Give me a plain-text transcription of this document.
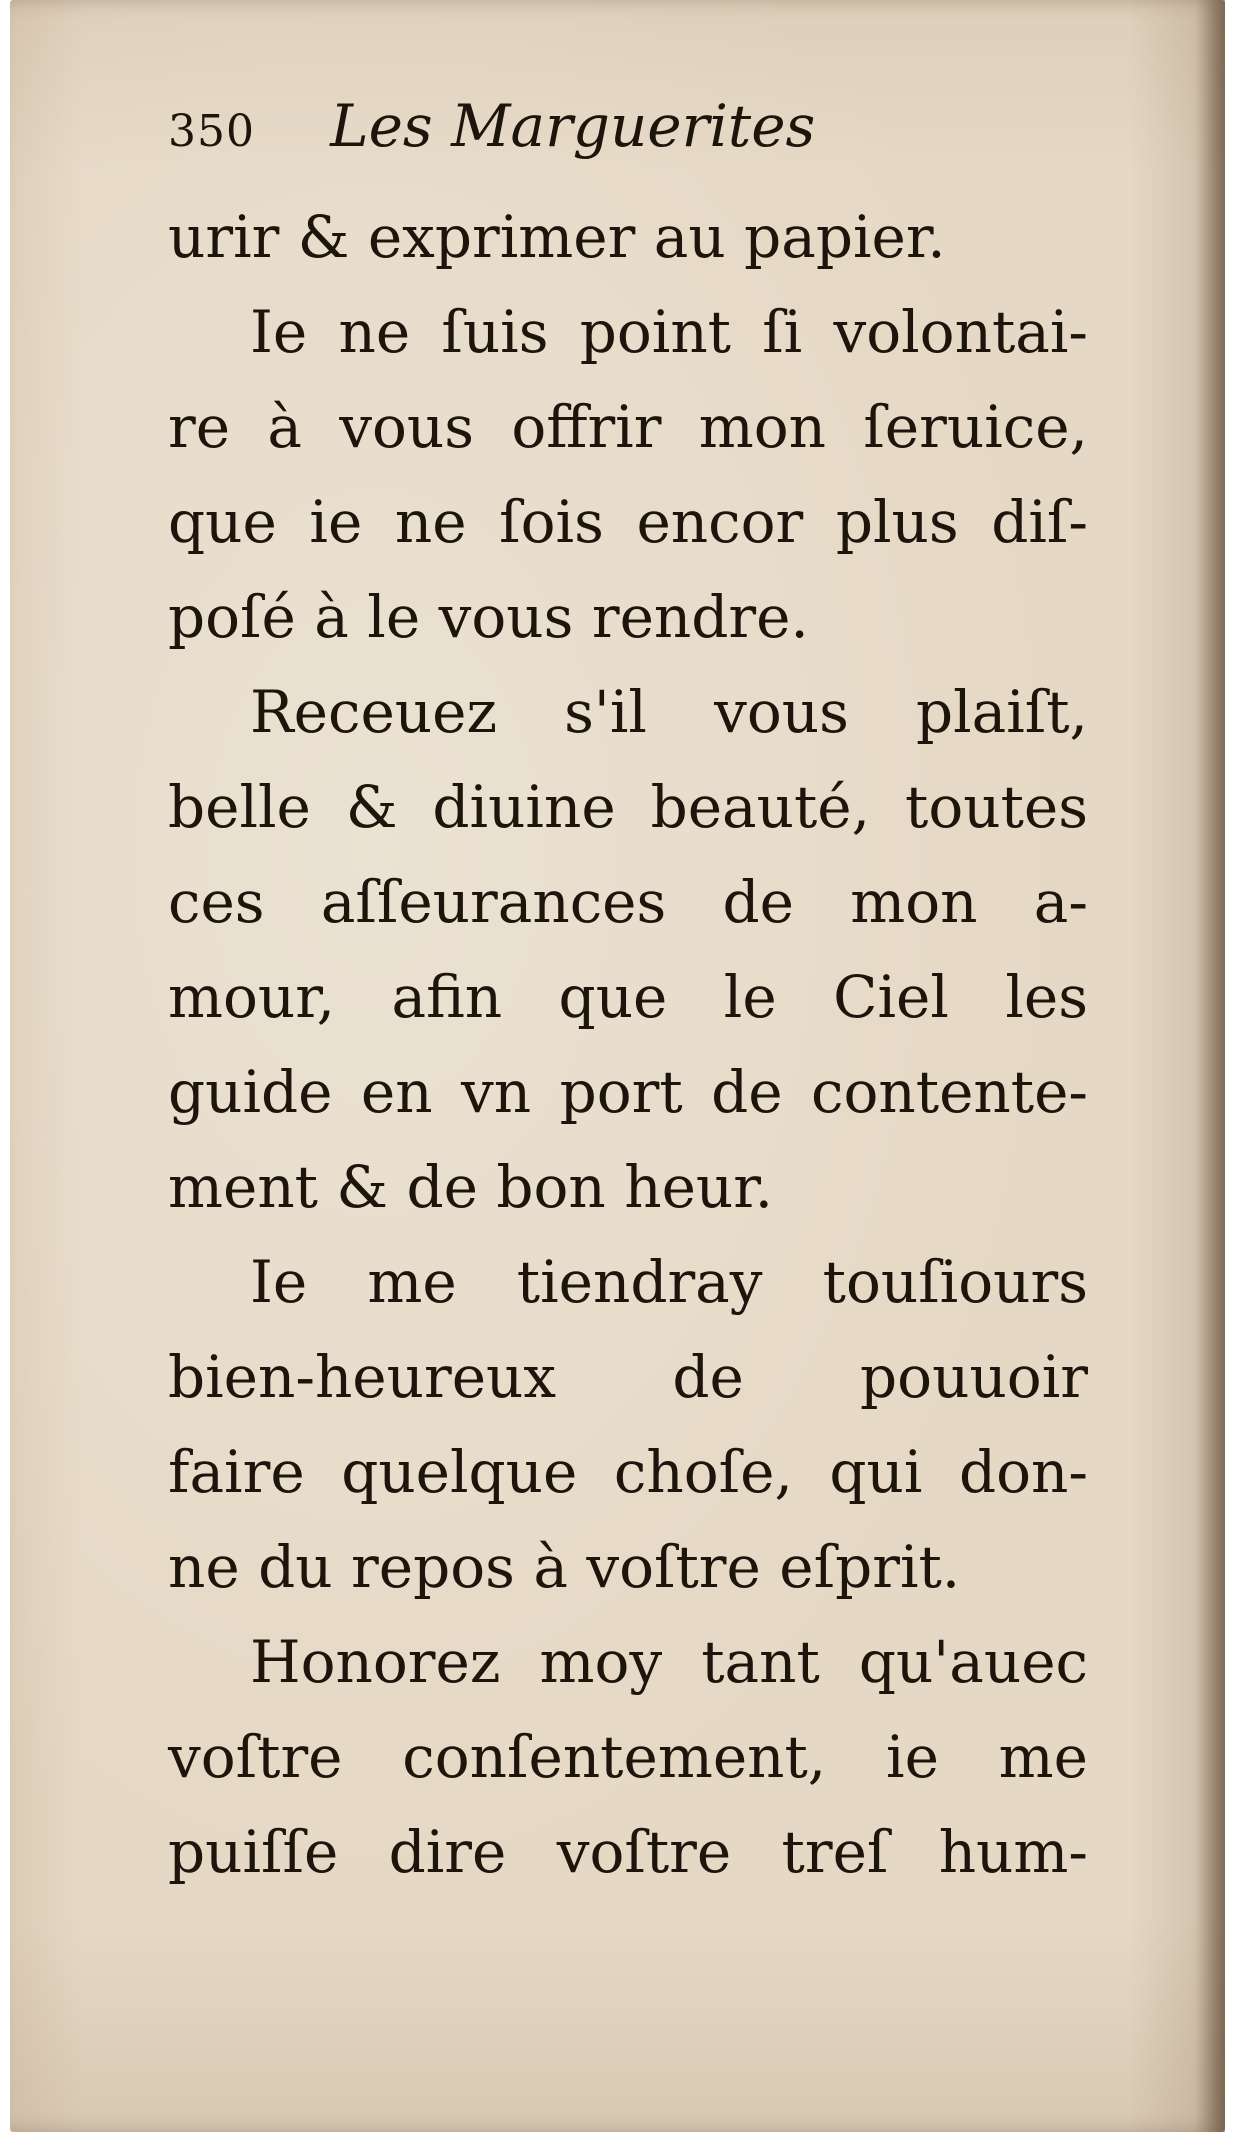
350 Les Marguerites
urir & exprimer au papier.
Ie ne ſuis point ſi volontai-
re à vous offrir mon ſeruice,
que ie ne ſois encor plus diſ-
poſé à le vous rendre.
Receuez s'il vous plaiſt,
belle & diuine beauté, toutes
ces aſſeurances de mon a-
mour, afin que le Ciel les
guide en vn port de contente-
ment & de bon heur.
Ie me tiendray touſiours
bien-heureux de pouuoir
faire quelque choſe, qui don-
ne du repos à voſtre eſprit.
Honorez moy tant qu'auec
voſtre conſentement, ie me
puiſſe dire voſtre treſ hum-
